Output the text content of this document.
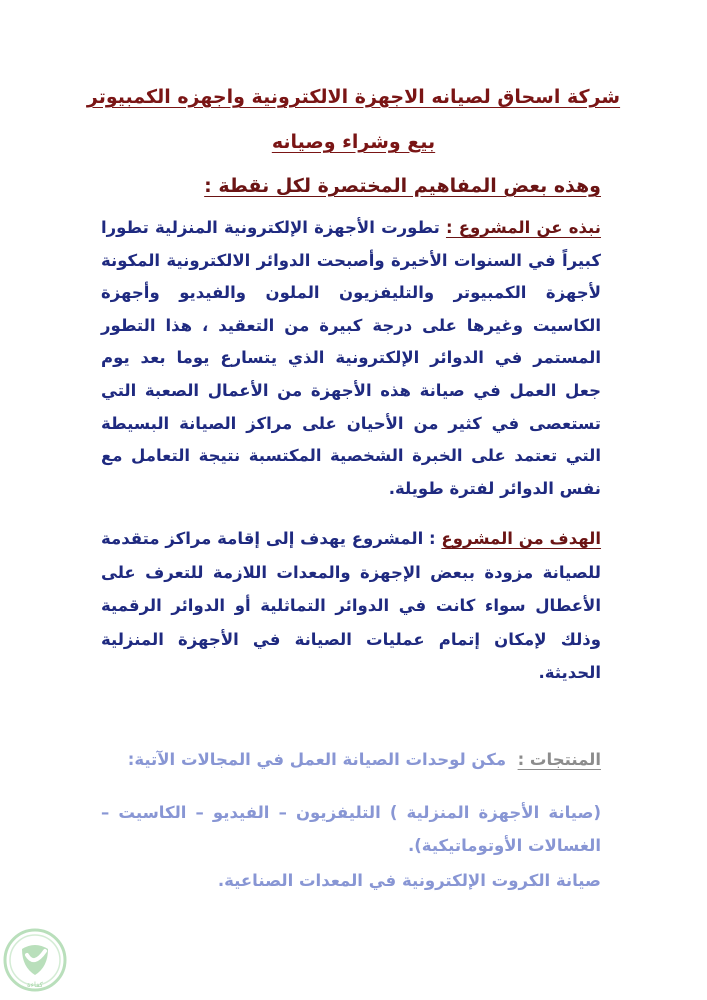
شركة اسحاق لصيانه الاجهزة الالكترونية واجهزه الكمبيوتر
بيع وشراء وصيانه
وهذه بعض المفاهيم المختصرة لكل نقطة :

نبذه عن المشروع : تطورت الأجهزة الإلكترونية المنزلية تطورا كبيراً في السنوات الأخيرة وأصبحت الدوائر الالكترونية المكونة لأجهزة الكمبيوتر والتليفزيون الملون والفيديو وأجهزة الكاسيت وغيرها على درجة كبيرة من التعقيد ، هذا التطور المستمر في الدوائر الإلكترونية الذي يتسارع يوما بعد يوم جعل العمل في صيانة هذه الأجهزة من الأعمال الصعبة التي تستعصى في كثير من الأحيان على مراكز الصيانة البسيطة التي تعتمد على الخبرة الشخصية المكتسبة نتيجة التعامل مع نفس الدوائر لفترة طويلة.

الهدف من المشروع : المشروع يهدف إلى إقامة مراكز متقدمة للصيانة مزودة ببعض الإجهزة والمعدات اللازمة للتعرف على الأعطال سواء كانت في الدوائر التماثلية أو الدوائر الرقمية وذلك لإمكان إتمام عمليات الصيانة في الأجهزة المنزلية الحديثة.

المنتجات :  مكن لوحدات الصيانة العمل في المجالات الآتية:

(صيانة الأجهزة المنزلية ) التليفزيون – الفيديو – الكاسيت – الغسالات الأوتوماتيكية).

صيانة الكروت الإلكترونية في المعدات الصناعية.

كفاءة
